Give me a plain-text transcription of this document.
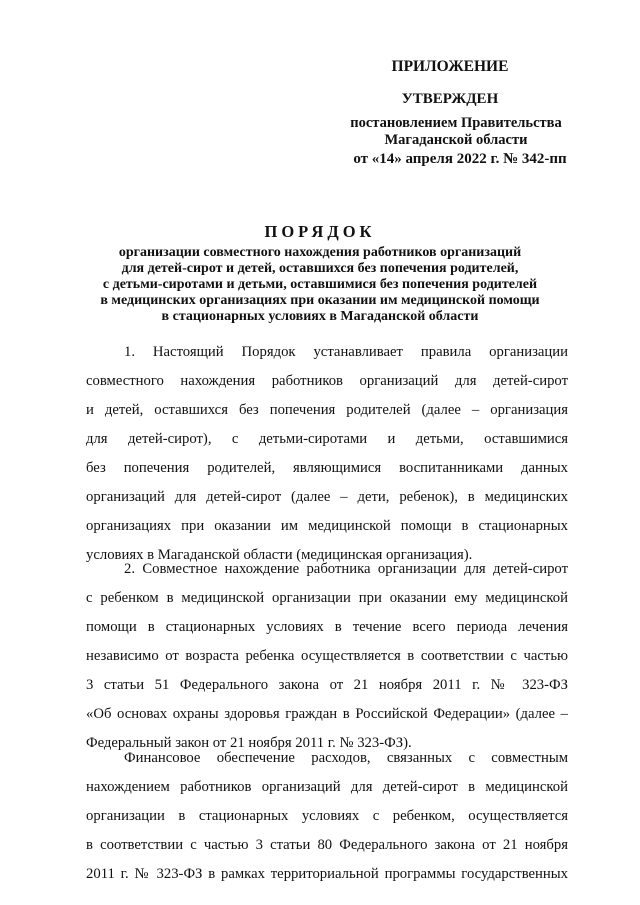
ПРИЛОЖЕНИЕ
УТВЕРЖДЕН
постановлением Правительства
Магаданской области
от «14» апреля 2022 г. № 342-пп
ПОРЯДОК
организации совместного нахождения работников организаций
для детей-сирот и детей, оставшихся без попечения родителей,
с детьми-сиротами и детьми, оставшимися без попечения родителей
в медицинских организациях при оказании им медицинской помощи
в стационарных условиях в Магаданской области
1. Настоящий Порядок устанавливает правила организации
совместного нахождения работников организаций для детей-сирот
и детей, оставшихся без попечения родителей (далее – организация
для детей-сирот), с детьми-сиротами и детьми, оставшимися
без попечения родителей, являющимися воспитанниками данных
организаций для детей-сирот (далее – дети, ребенок), в медицинских
организациях при оказании им медицинской помощи в стационарных
условиях в Магаданской области (медицинская организация).
2. Совместное нахождение работника организации для детей-сирот
с ребенком в медицинской организации при оказании ему медицинской
помощи в стационарных условиях в течение всего периода лечения
независимо от возраста ребенка осуществляется в соответствии с частью
3 статьи 51 Федерального закона от 21 ноября 2011 г. № 323-ФЗ
«Об основах охраны здоровья граждан в Российской Федерации» (далее –
Федеральный закон от 21 ноября 2011 г. № 323-ФЗ).
Финансовое обеспечение расходов, связанных с совместным
нахождением работников организаций для детей-сирот в медицинской
организации в стационарных условиях с ребенком, осуществляется
в соответствии с частью 3 статьи 80 Федерального закона от 21 ноября
2011 г. № 323-ФЗ в рамках территориальной программы государственных
